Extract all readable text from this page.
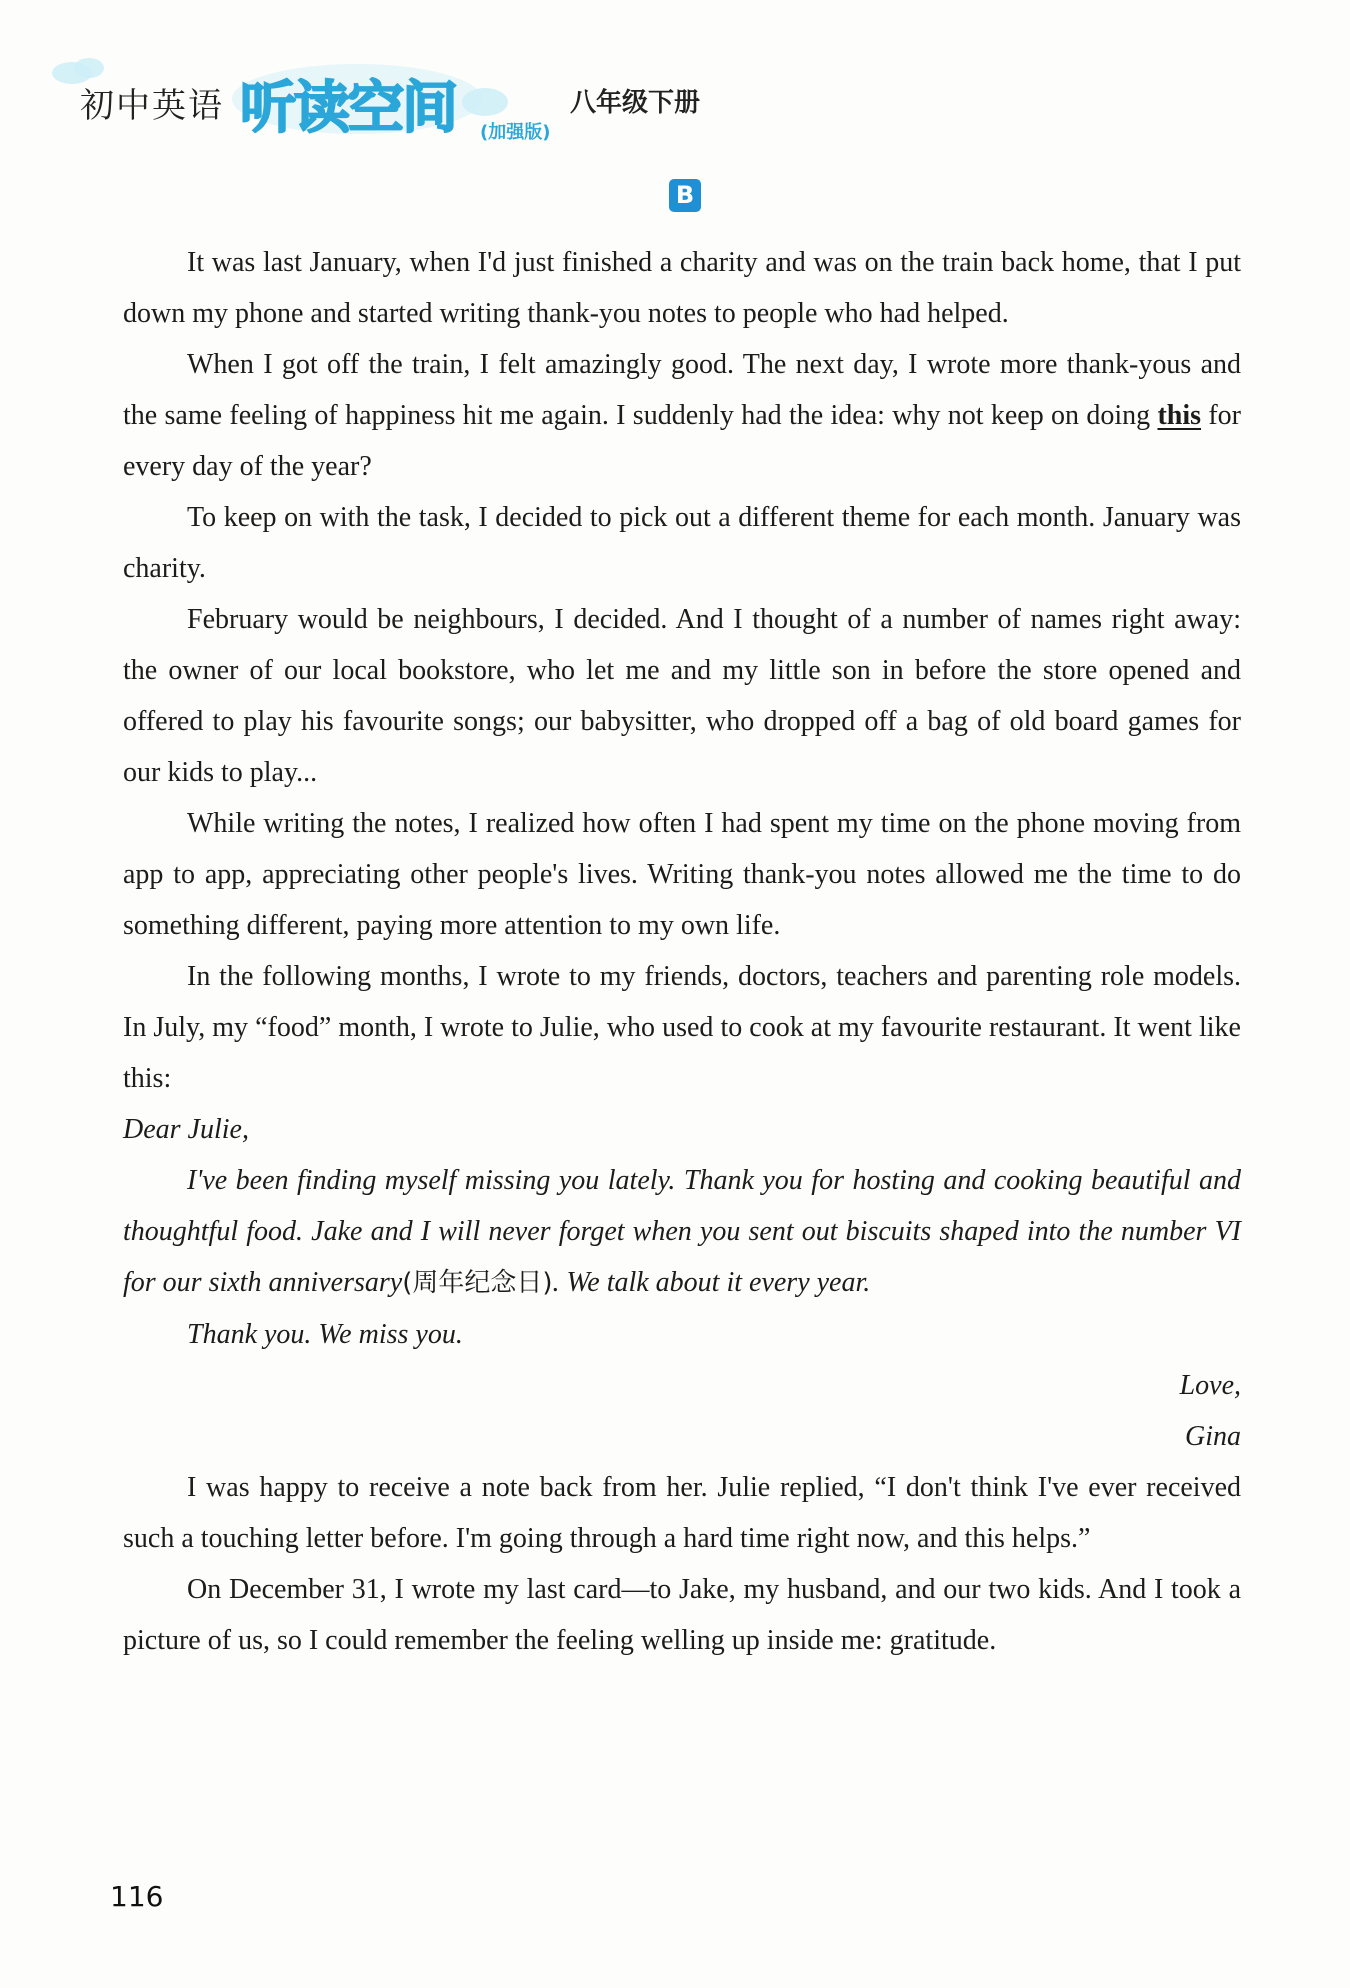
初中英语 听读空间 (加强版)
八年级下册
B

It was last January, when I'd just finished a charity and was on the train back home, that I put down my phone and started writing thank-you notes to people who had helped.

When I got off the train, I felt amazingly good. The next day, I wrote more thank-yous and the same feeling of happiness hit me again. I suddenly had the idea: why not keep on doing this for every day of the year?

To keep on with the task, I decided to pick out a different theme for each month. January was charity.

February would be neighbours, I decided. And I thought of a number of names right away: the owner of our local bookstore, who let me and my little son in before the store opened and offered to play his favourite songs; our babysitter, who dropped off a bag of old board games for our kids to play...

While writing the notes, I realized how often I had spent my time on the phone moving from app to app, appreciating other people's lives. Writing thank-you notes allowed me the time to do something different, paying more attention to my own life.

In the following months, I wrote to my friends, doctors, teachers and parenting role models. In July, my “food” month, I wrote to Julie, who used to cook at my favourite restaurant. It went like this:

Dear Julie,

I've been finding myself missing you lately. Thank you for hosting and cooking beautiful and thoughtful food. Jake and I will never forget when you sent out biscuits shaped into the number VI for our sixth anniversary(周年纪念日). We talk about it every year.

Thank you. We miss you.

Love,

Gina

I was happy to receive a note back from her. Julie replied, “I don't think I've ever received such a touching letter before. I'm going through a hard time right now, and this helps.”

On December 31, I wrote my last card—to Jake, my husband, and our two kids. And I took a picture of us, so I could remember the feeling welling up inside me: gratitude.

116
